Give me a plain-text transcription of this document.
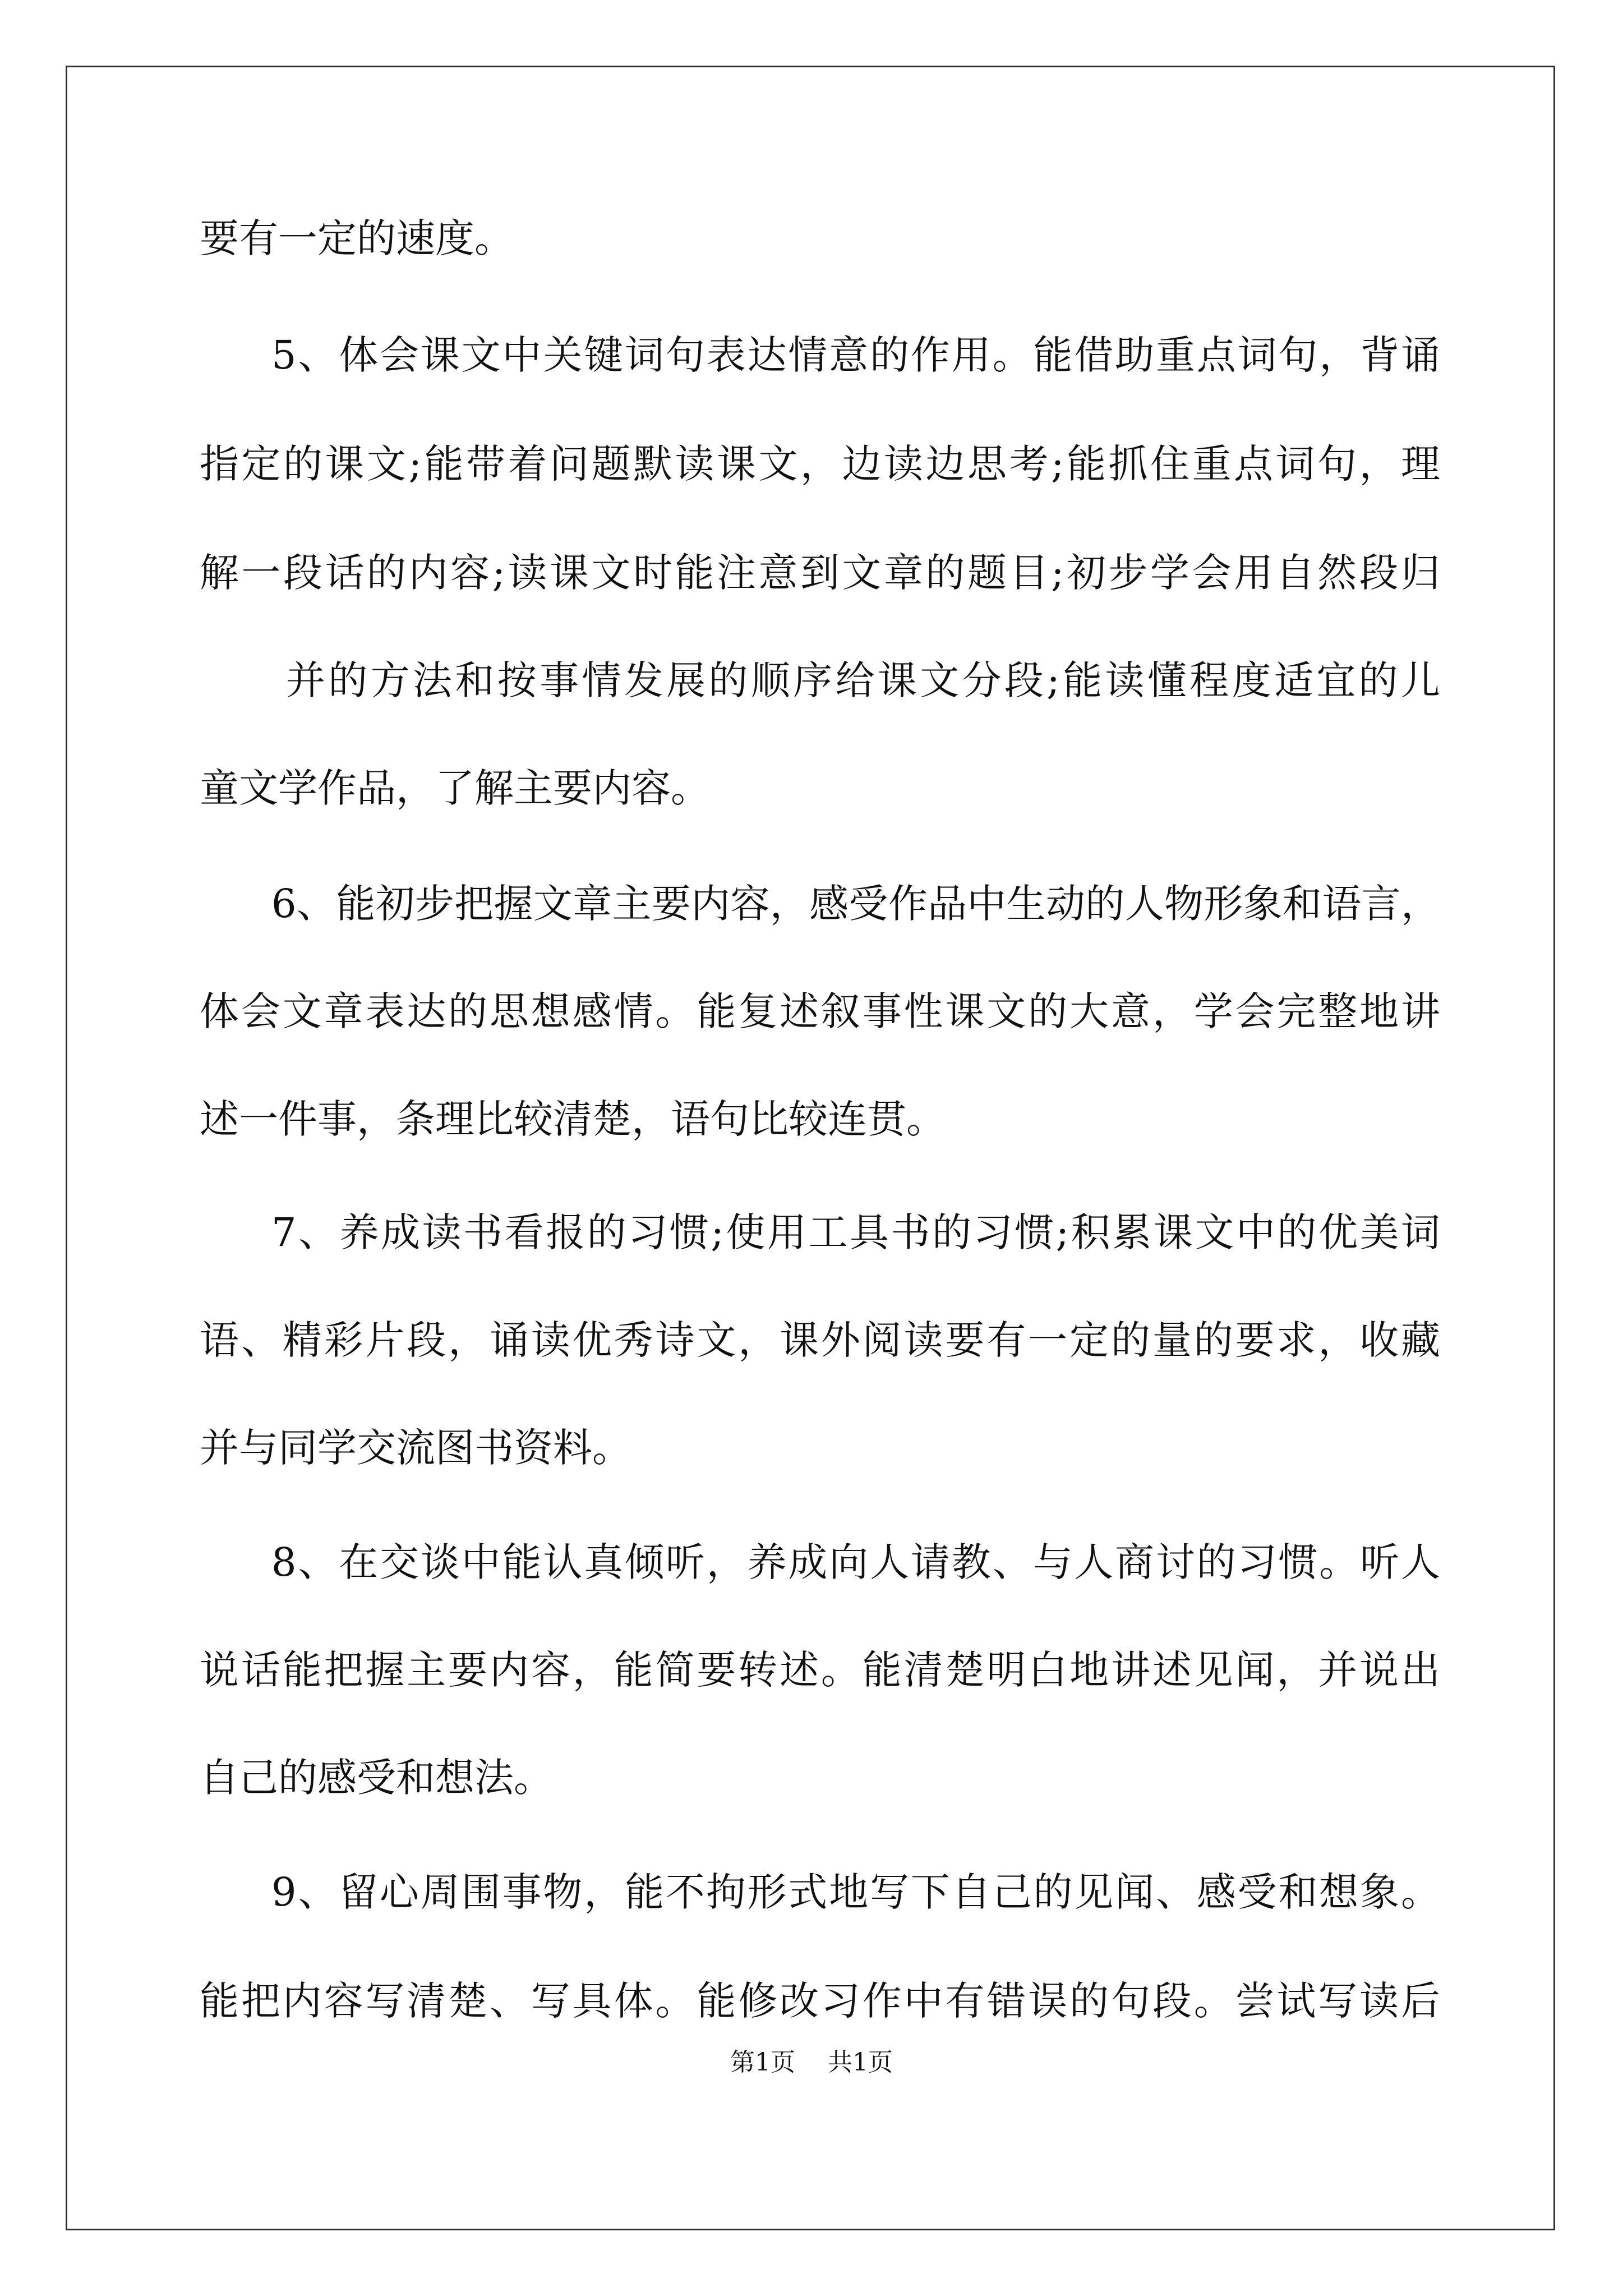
要有一定的速度。
5、体会课文中关键词句表达情意的作用。能借助重点词句，背诵
指定的课文;能带着问题默读课文，边读边思考;能抓住重点词句，理
解一段话的内容;读课文时能注意到文章的题目;初步学会用自然段归
并的方法和按事情发展的顺序给课文分段;能读懂程度适宜的儿
童文学作品，了解主要内容。
6、能初步把握文章主要内容，感受作品中生动的人物形象和语言，
体会文章表达的思想感情。能复述叙事性课文的大意，学会完整地讲
述一件事，条理比较清楚，语句比较连贯。
7、养成读书看报的习惯;使用工具书的习惯;积累课文中的优美词
语、精彩片段，诵读优秀诗文，课外阅读要有一定的量的要求，收藏
并与同学交流图书资料。
8、在交谈中能认真倾听，养成向人请教、与人商讨的习惯。听人
说话能把握主要内容，能简要转述。能清楚明白地讲述见闻，并说出
自己的感受和想法。
9、留心周围事物，能不拘形式地写下自己的见闻、感受和想象。
能把内容写清楚、写具体。能修改习作中有错误的句段。尝试写读后
第1页 共1页
